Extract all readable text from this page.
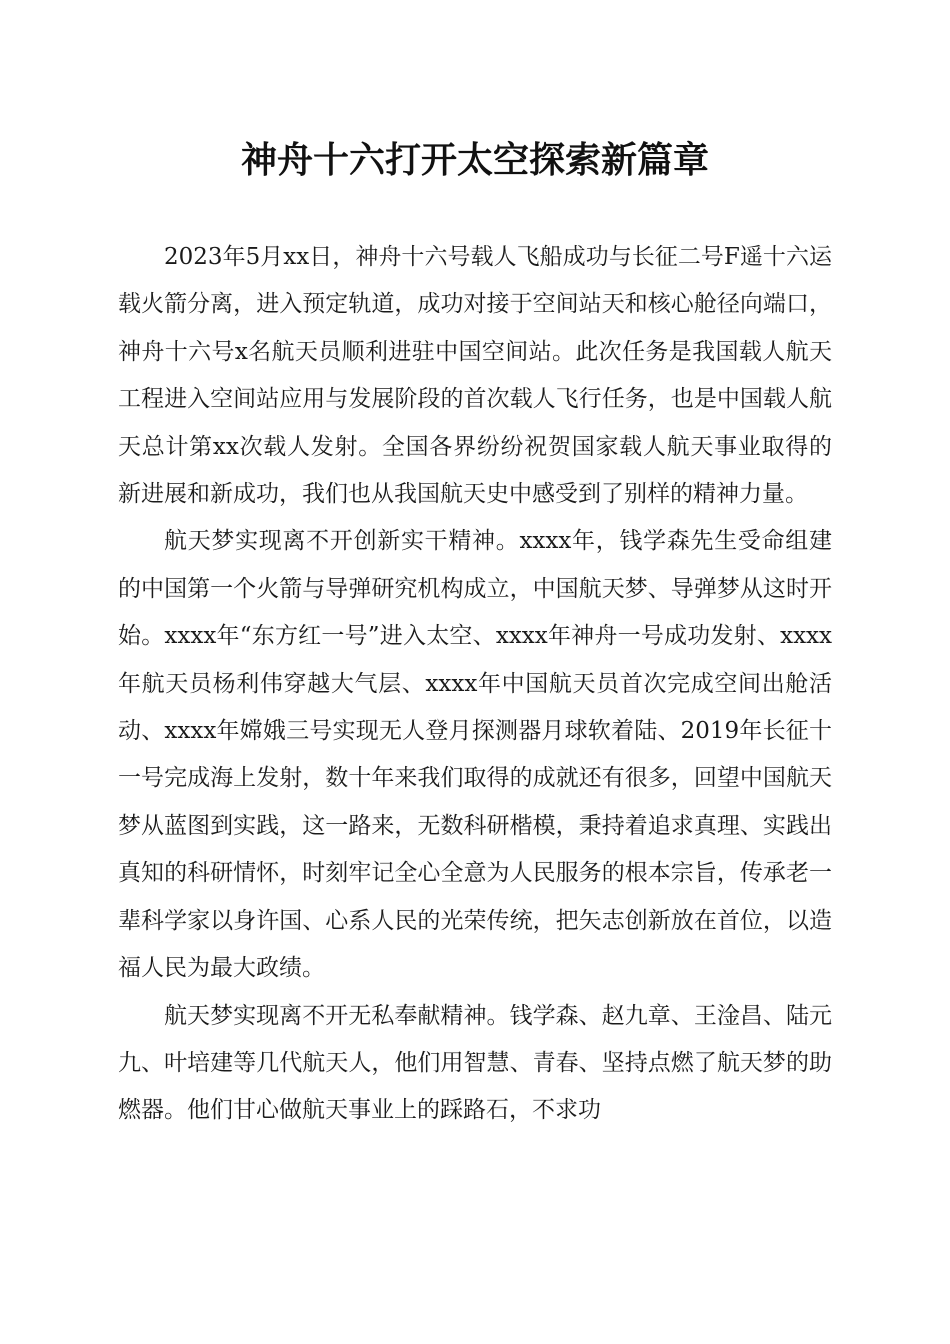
神舟十六打开太空探索新篇章

2023年5月xx日，神舟十六号载人飞船成功与长征二号F遥十六运载火箭分离，进入预定轨道，成功对接于空间站天和核心舱径向端口，神舟十六号x名航天员顺利进驻中国空间站。此次任务是我国载人航天工程进入空间站应用与发展阶段的首次载人飞行任务，也是中国载人航天总计第xx次载人发射。全国各界纷纷祝贺国家载人航天事业取得的新进展和新成功，我们也从我国航天史中感受到了别样的精神力量。

航天梦实现离不开创新实干精神。xxxx年，钱学森先生受命组建的中国第一个火箭与导弹研究机构成立，中国航天梦、导弹梦从这时开始。xxxx年“东方红一号”进入太空、xxxx年神舟一号成功发射、xxxx年航天员杨利伟穿越大气层、xxxx年中国航天员首次完成空间出舱活动、xxxx年嫦娥三号实现无人登月探测器月球软着陆、2019年长征十一号完成海上发射，数十年来我们取得的成就还有很多，回望中国航天梦从蓝图到实践，这一路来，无数科研楷模，秉持着追求真理、实践出真知的科研情怀，时刻牢记全心全意为人民服务的根本宗旨，传承老一辈科学家以身许国、心系人民的光荣传统，把矢志创新放在首位，以造福人民为最大政绩。

航天梦实现离不开无私奉献精神。钱学森、赵九章、王淦昌、陆元九、叶培建等几代航天人，他们用智慧、青春、坚持点燃了航天梦的助燃器。他们甘心做航天事业上的踩路石，不求功
